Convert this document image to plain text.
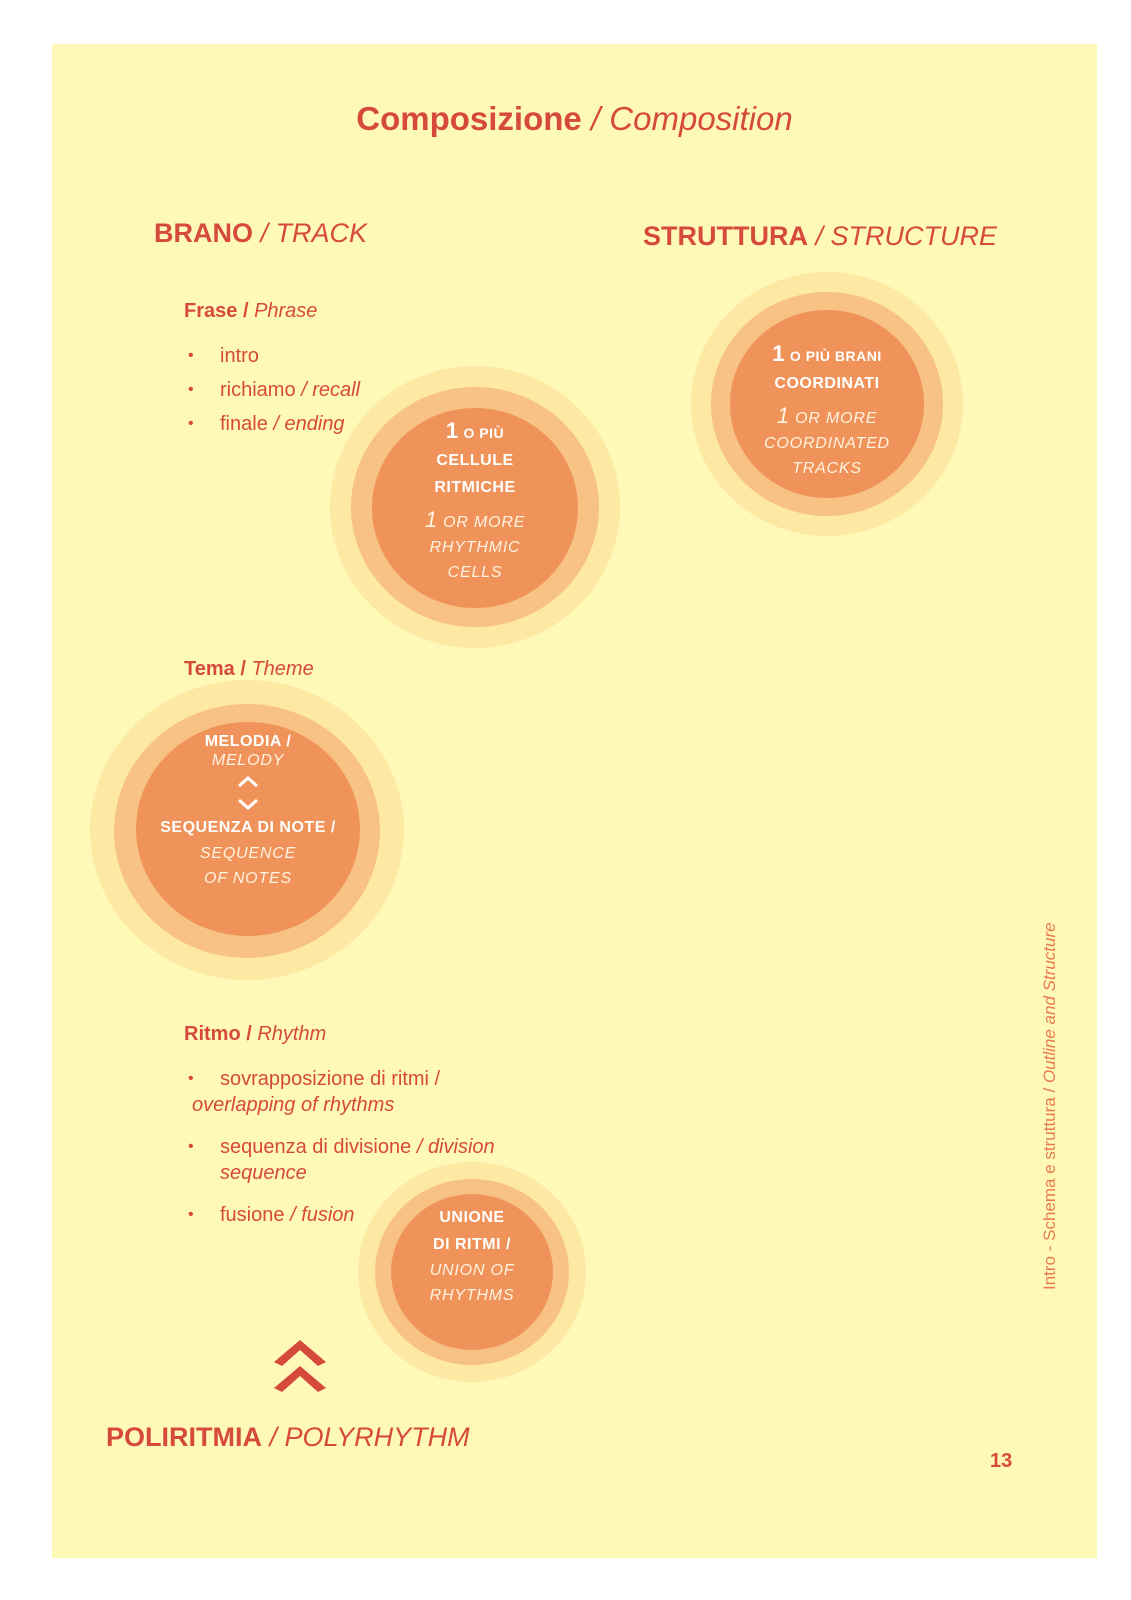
Composizione / Composition
BRANO / TRACK	STRUTTURA / STRUCTURE
Frase / Phrase
• intro
• richiamo / recall
• finale / ending	1 O PIÙ
CELLULE
RITMICHE
1 OR MORE
RHYTHMIC
CELLS
1 O PIÙ BRANI
COORDINATI
1 OR MORE
COORDINATED
TRACKS
Tema / Theme
MELODIA /
MELODY
SEQUENZA DI NOTE /
SEQUENCE
OF NOTES
Ritmo / Rhythm
• sovrapposizione di ritmi /
overlapping of rhythms
• sequenza di divisione / division
sequence
• fusione / fusion	UNIONE
DI RITMI /
UNION OF
RHYTHMS
POLIRITMIA / POLYRHYTHM
Intro - Schema e struttura / Outline and Structure
13
